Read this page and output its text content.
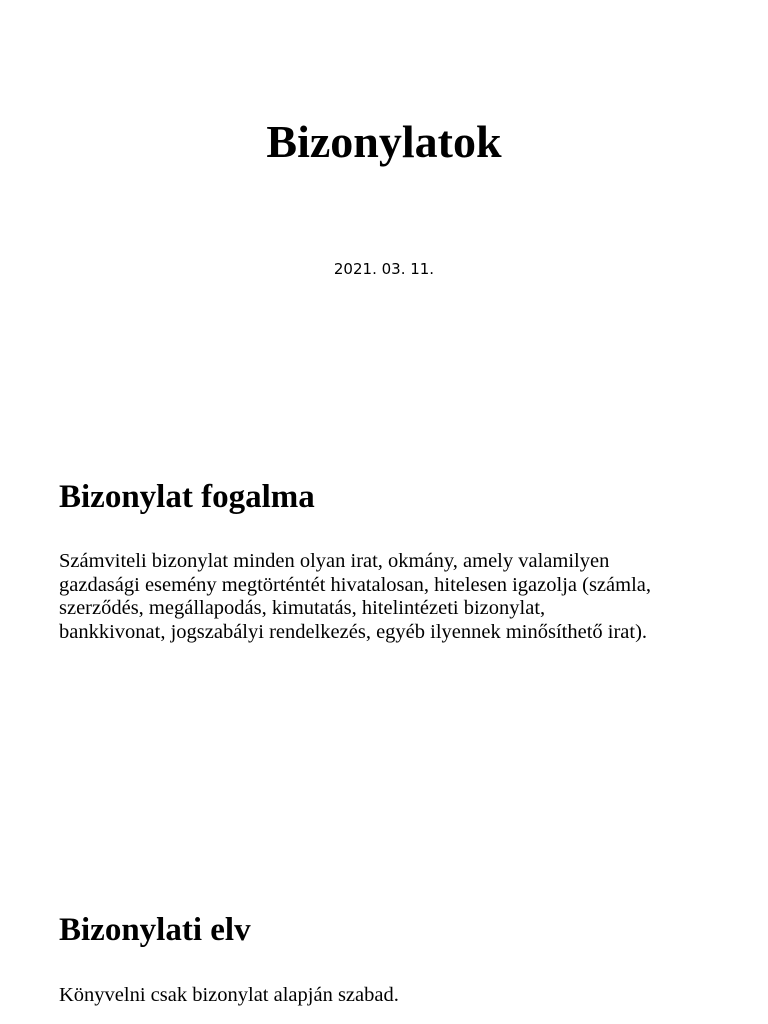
Bizonylatok
2021. 03. 11.
Bizonylat fogalma

Számviteli bizonylat minden olyan irat, okmány, amely valamilyen
gazdasági esemény megtörténtét hivatalosan, hitelesen igazolja (számla,
szerződés, megállapodás, kimutatás, hitelintézeti bizonylat,
bankkivonat, jogszabályi rendelkezés, egyéb ilyennek minősíthető irat).

Bizonylati elv

Könyvelni csak bizonylat alapján szabad.
